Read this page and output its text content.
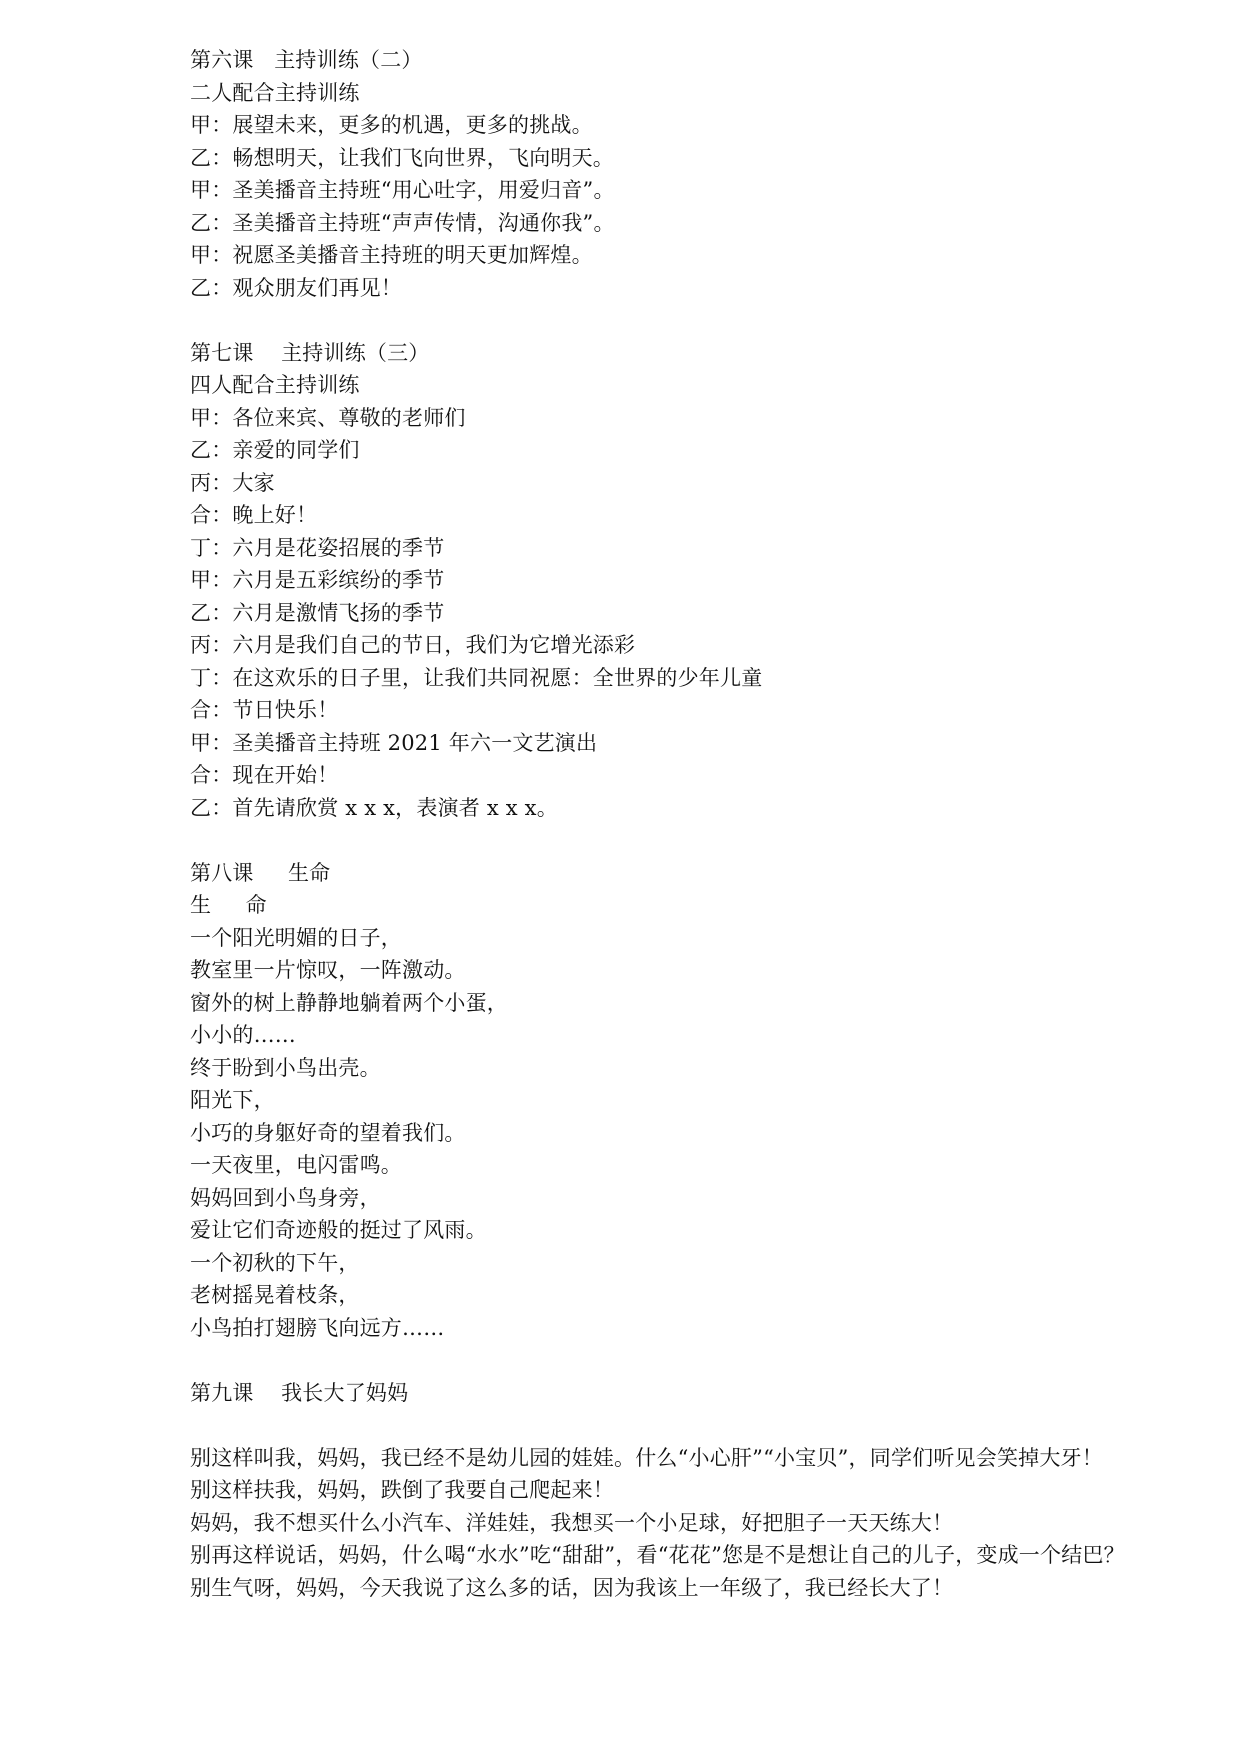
第六课   主持训练（二）
二人配合主持训练
甲：展望未来，更多的机遇，更多的挑战。
乙：畅想明天，让我们飞向世界，飞向明天。
甲：圣美播音主持班“用心吐字，用爱归音”。
乙：圣美播音主持班“声声传情，沟通你我”。
甲：祝愿圣美播音主持班的明天更加辉煌。
乙：观众朋友们再见！
第七课    主持训练（三）
四人配合主持训练
甲：各位来宾、尊敬的老师们
乙：亲爱的同学们
丙：大家
合：晚上好！
丁：六月是花姿招展的季节
甲：六月是五彩缤纷的季节
乙：六月是激情飞扬的季节
丙：六月是我们自己的节日，我们为它增光添彩
丁：在这欢乐的日子里，让我们共同祝愿：全世界的少年儿童
合：节日快乐！
甲：圣美播音主持班 2021 年六一文艺演出
合：现在开始！
乙：首先请欣赏 x x x，表演者 x x x。
第八课     生命
生     命
一个阳光明媚的日子，
教室里一片惊叹，一阵激动。
窗外的树上静静地躺着两个小蛋，
小小的……
终于盼到小鸟出壳。
阳光下，
小巧的身躯好奇的望着我们。
一天夜里，电闪雷鸣。
妈妈回到小鸟身旁，
爱让它们奇迹般的挺过了风雨。
一个初秋的下午，
老树摇晃着枝条，
小鸟拍打翅膀飞向远方……
第九课    我长大了妈妈
别这样叫我，妈妈，我已经不是幼儿园的娃娃。什么“小心肝”“小宝贝”，同学们听见会笑掉大牙！
别这样扶我，妈妈，跌倒了我要自己爬起来！
妈妈，我不想买什么小汽车、洋娃娃，我想买一个小足球，好把胆子一天天练大！
别再这样说话，妈妈，什么喝“水水”吃“甜甜”，看“花花”您是不是想让自己的儿子，变成一个结巴？
别生气呀，妈妈，今天我说了这么多的话，因为我该上一年级了，我已经长大了！
